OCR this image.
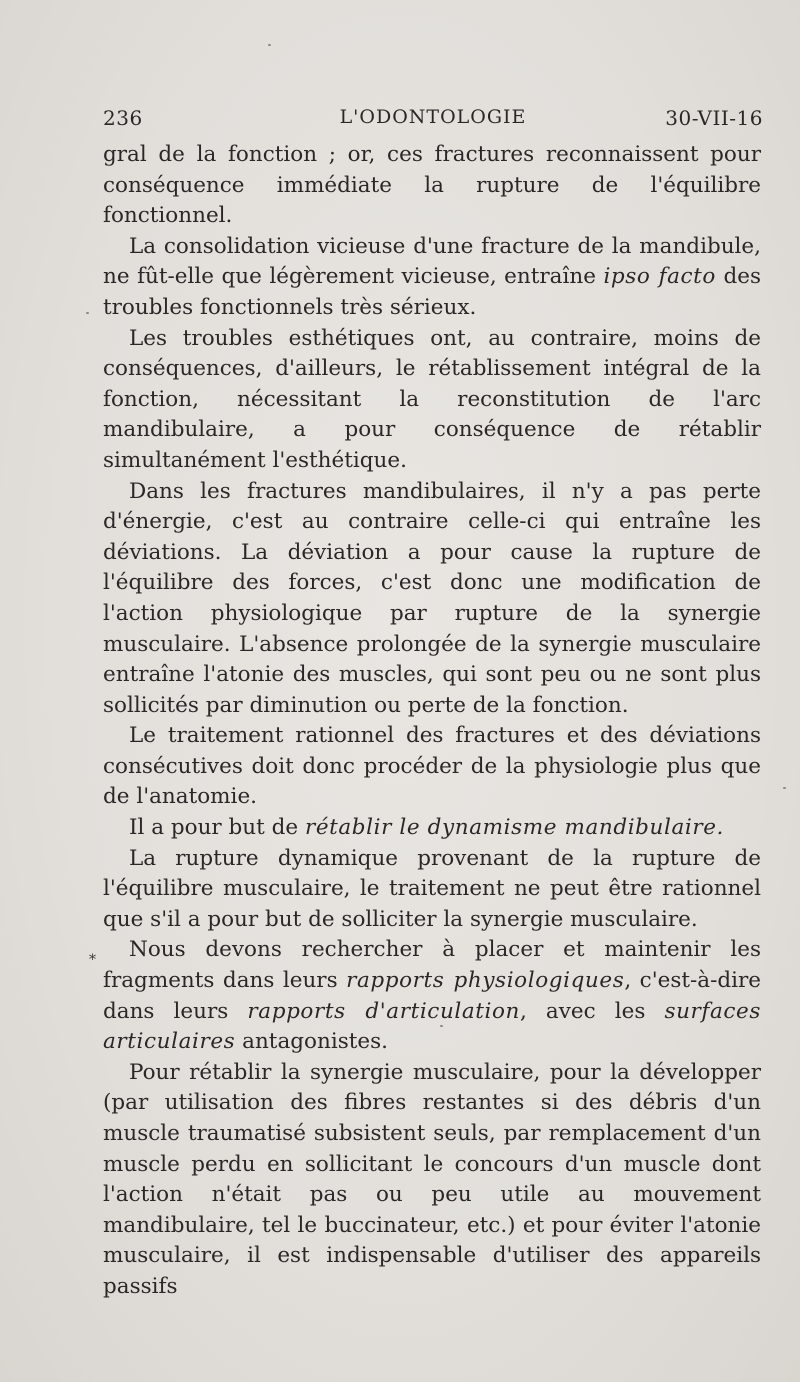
236	L'ODONTOLOGIE	30-VII-16
*

gral de la fonction ; or, ces fractures reconnaissent pour conséquence immédiate la rupture de l'équilibre fonctionnel.

La consolidation vicieuse d'une fracture de la mandibule, ne fût-elle que légèrement vicieuse, entraîne ipso facto des troubles fonctionnels très sérieux.

Les troubles esthétiques ont, au contraire, moins de conséquences, d'ailleurs, le rétablissement intégral de la fonction, nécessitant la reconstitution de l'arc mandibulaire, a pour conséquence de rétablir simultanément l'esthétique.

Dans les fractures mandibulaires, il n'y a pas perte d'énergie, c'est au contraire celle-ci qui entraîne les déviations. La déviation a pour cause la rupture de l'équilibre des forces, c'est donc une modification de l'action physiologique par rupture de la synergie musculaire. L'absence prolongée de la synergie musculaire entraîne l'atonie des muscles, qui sont peu ou ne sont plus sollicités par diminution ou perte de la fonction.

Le traitement rationnel des fractures et des déviations consécutives doit donc procéder de la physiologie plus que de l'anatomie.

Il a pour but de rétablir le dynamisme mandibulaire.

La rupture dynamique provenant de la rupture de l'équilibre musculaire, le traitement ne peut être rationnel que s'il a pour but de solliciter la synergie musculaire.

Nous devons rechercher à placer et maintenir les fragments dans leurs rapports physiologiques, c'est-à-dire dans leurs rapports d'articulation, avec les surfaces articulaires antagonistes.

Pour rétablir la synergie musculaire, pour la développer (par utilisation des fibres restantes si des débris d'un muscle traumatisé subsistent seuls, par remplacement d'un muscle perdu en sollicitant le concours d'un muscle dont l'action n'était pas ou peu utile au mouvement mandibulaire, tel le buccinateur, etc.) et pour éviter l'atonie musculaire, il est indispensable d'utiliser des appareils passifs
